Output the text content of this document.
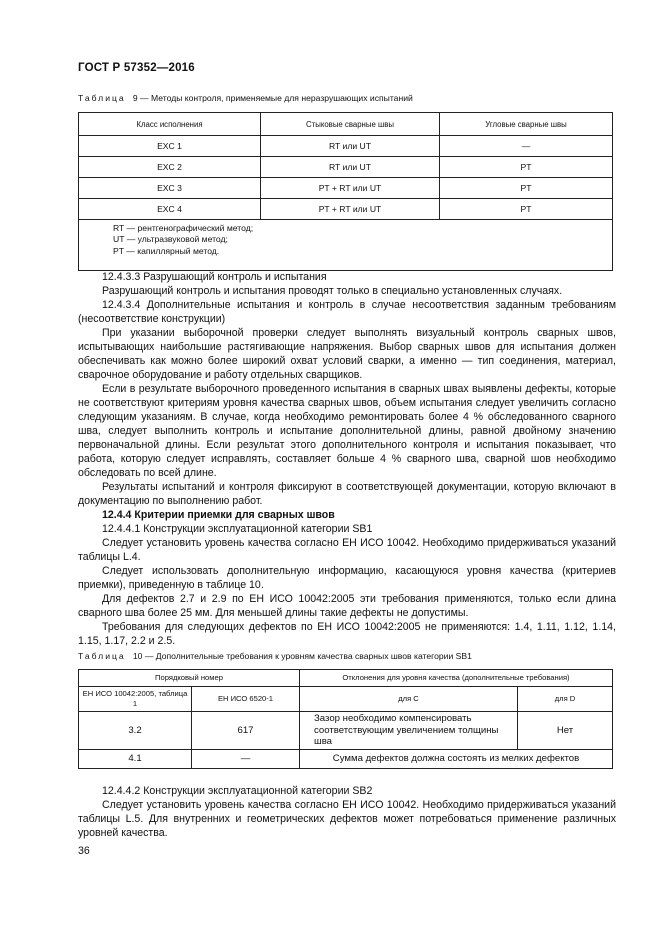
ГОСТ Р 57352—2016

Таблица 9 — Методы контроля, применяемые для неразрушающих испытаний

Класс исполнения	Стыковые сварные швы	Угловые сварные швы
EXC 1	RT или UT	—
EXC 2	RT или UT	PT
EXC 3	PT + RT или UT	PT
EXC 4	PT + RT или UT	PT

RT — рентгенографический метод;
UT — ультразвуковой метод;
PT — капиллярный метод.		

12.4.3.3 Разрушающий контроль и испытания

Разрушающий контроль и испытания проводят только в специально установленных случаях.

12.4.3.4 Дополнительные испытания и контроль в случае несоответствия заданным требованиям (несоответствие конструкции)

При указании выборочной проверки следует выполнять визуальный контроль сварных швов, испытывающих наибольшие растягивающие напряжения. Выбор сварных швов для испытания должен обеспечивать как можно более широкий охват условий сварки, а именно — тип соединения, материал, сварочное оборудование и работу отдельных сварщиков.

Если в результате выборочного проведенного испытания в сварных швах выявлены дефекты, которые не соответствуют критериям уровня качества сварных швов, объем испытания следует увеличить согласно следующим указаниям. В случае, когда необходимо ремонтировать более 4 % обследованного сварного шва, следует выполнить контроль и испытание дополнительной длины, равной двойному значению первоначальной длины. Если результат этого дополнительного контроля и испытания показывает, что работа, которую следует исправлять, составляет больше 4 % сварного шва, сварной шов необходимо обследовать по всей длине.

Результаты испытаний и контроля фиксируют в соответствующей документации, которую включают в документацию по выполнению работ.

12.4.4 Критерии приемки для сварных швов

12.4.4.1 Конструкции эксплуатационной категории SB1

Следует установить уровень качества согласно ЕН ИСО 10042. Необходимо придерживаться указаний таблицы L.4.

Следует использовать дополнительную информацию, касающуюся уровня качества (критериев приемки), приведенную в таблице 10.

Для дефектов 2.7 и 2.9 по ЕН ИСО 10042:2005 эти требования применяются, только если длина сварного шва более 25 мм. Для меньшей длины такие дефекты не допустимы.

Требования для следующих дефектов по ЕН ИСО 10042:2005 не применяются: 1.4, 1.11, 1.12, 1.14, 1.15, 1.17, 2.2 и 2.5.

Таблица 10 — Дополнительные требования к уровням качества сварных швов категории SB1

Порядковый номер		Отклонения для уровня качества (дополнительные требования)	
ЕН ИСО 10042:2005, таблица 1	ЕН ИСО 6520-1	для С	для D
3.2	617	Зазор необходимо компенсировать соответствующим увеличением толщины шва	Нет
4.1	—	Сумма дефектов должна состоять из мелких дефектов	

12.4.4.2 Конструкции эксплуатационной категории SB2

Следует установить уровень качества согласно ЕН ИСО 10042. Необходимо придерживаться указаний таблицы L.5. Для внутренних и геометрических дефектов может потребоваться применение различных уровней качества.

36
